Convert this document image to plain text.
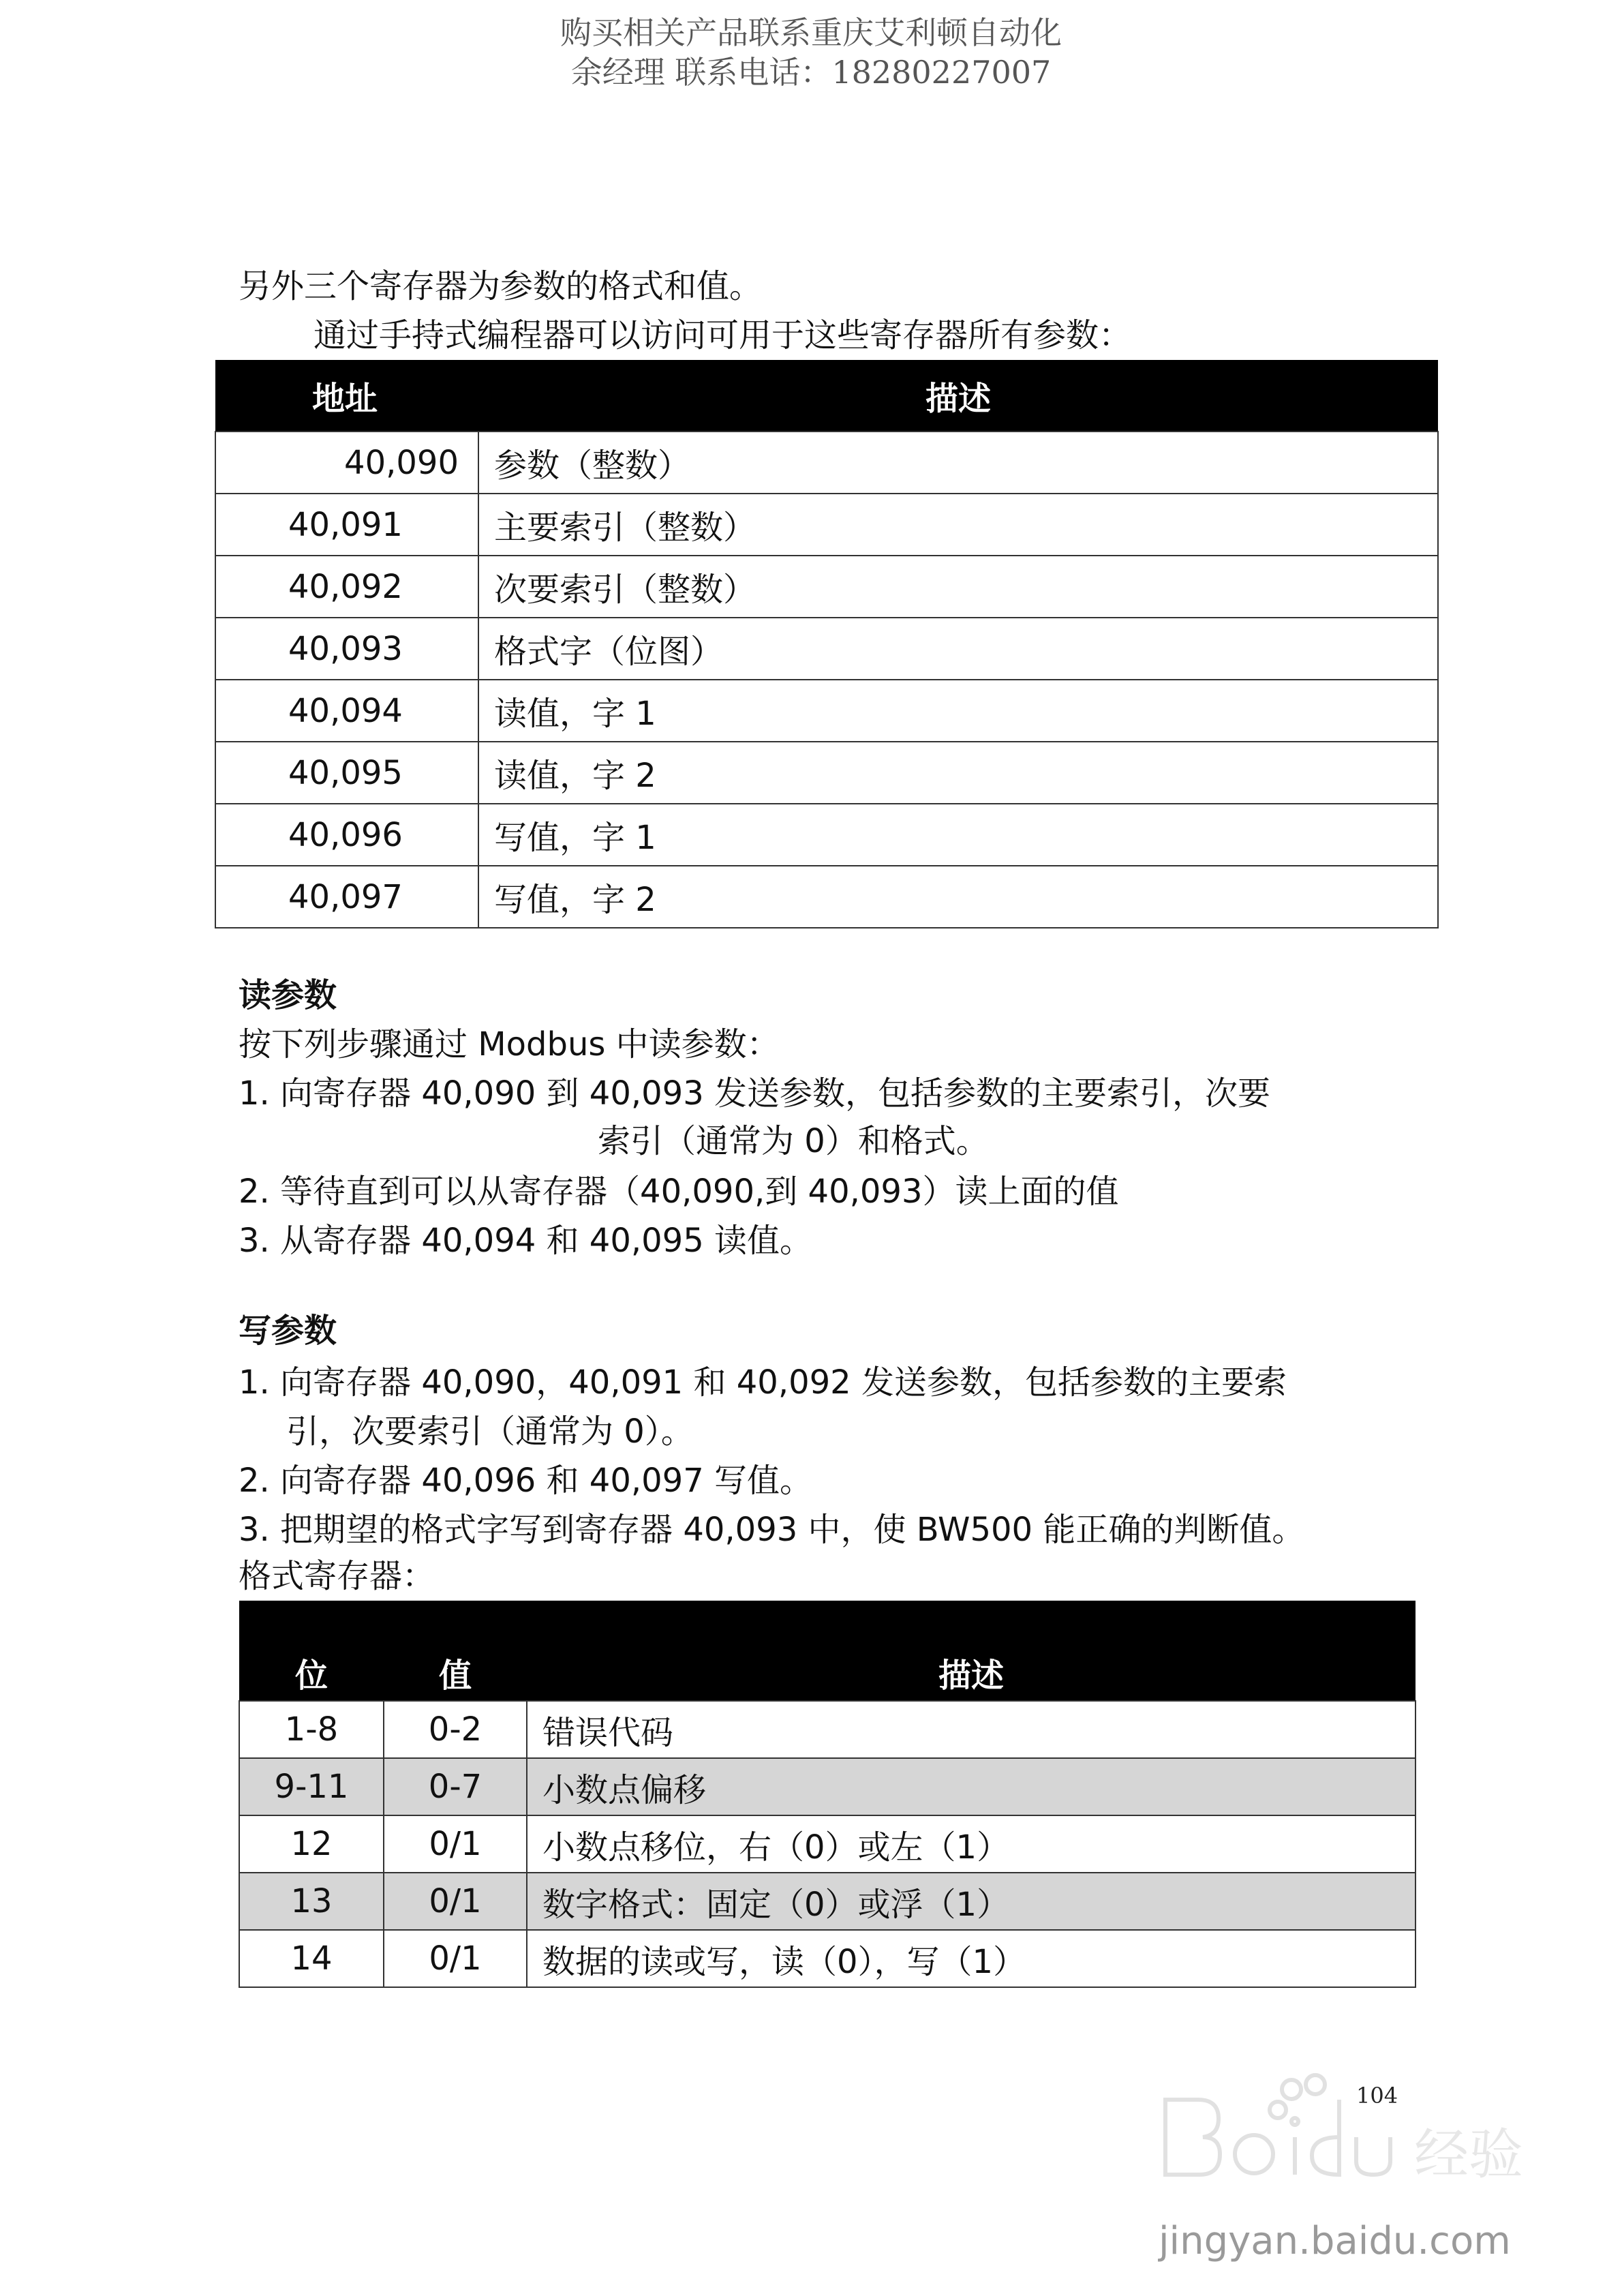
购买相关产品联系重庆艾利顿自动化
余经理 联系电话：18280227007
另外三个寄存器为参数的格式和值。
通过手持式编程器可以访问可用于这些寄存器所有参数：
地址	描述
40,090	参数（整数）
40,091	主要索引（整数）
40,092	次要索引（整数）
40,093	格式字（位图）
40,094	读值，字 1
40,095	读值，字 2
40,096	写值，字 1
40,097	写值，字 2
读参数
按下列步骤通过 Modbus 中读参数：
1. 向寄存器 40,090 到 40,093 发送参数，包括参数的主要索引，次要
索引（通常为 0）和格式。
2. 等待直到可以从寄存器（40,090,到 40,093）读上面的值
3. 从寄存器 40,094 和 40,095 读值。
写参数
1. 向寄存器 40,090，40,091 和 40,092 发送参数，包括参数的主要索
引，次要索引（通常为 0）。
2. 向寄存器 40,096 和 40,097 写值。
3. 把期望的格式字写到寄存器 40,093 中，使 BW500 能正确的判断值。
格式寄存器：
位	值	描述
1-8	0-2	错误代码
9-11	0-7	小数点偏移
12	0/1	小数点移位，右（0）或左（1）
13	0/1	数字格式：固定（0）或浮（1）
14	0/1	数据的读或写，读（0），写（1）
104
经验
jingyan.baidu.com
